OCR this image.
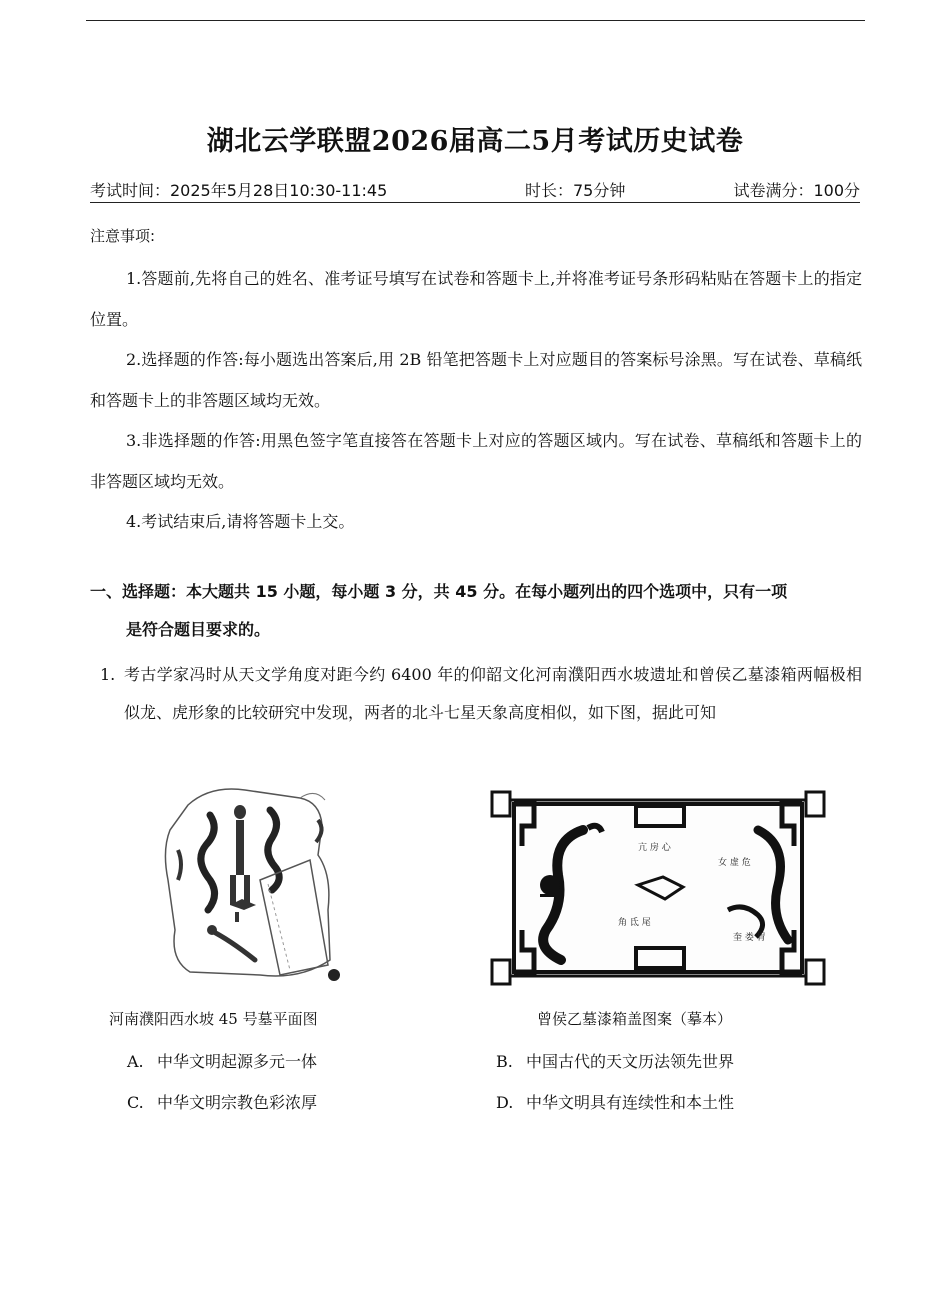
湖北云学联盟2026届高二5月考试历史试卷
考试时间：2025年5月28日10:30-11:45	时长：75分钟	试卷满分：100分
注意事项:
1.答题前,先将自己的姓名、准考证号填写在试卷和答题卡上,并将准考证号条形码粘贴在答题卡上的指定位置。
2.选择题的作答:每小题选出答案后,用 2B 铅笔把答题卡上对应题目的答案标号涂黑。写在试卷、草稿纸和答题卡上的非答题区域均无效。
3.非选择题的作答:用黑色签字笔直接答在答题卡上对应的答题区域内。写在试卷、草稿纸和答题卡上的非答题区域均无效。
4.考试结束后,请将答题卡上交。
一、选择题：本大题共 15 小题，每小题 3 分，共 45 分。在每小题列出的四个选项中，只有一项
是符合题目要求的。
1. 考古学家冯时从天文学角度对距今约 6400 年的仰韶文化河南濮阳西水坡遗址和曾侯乙墓漆箱两幅极相似龙、虎形象的比较研究中发现，两者的北斗七星天象高度相似，如下图，据此可知
河南濮阳西水坡 45 号墓平面图
亢 房 心
角 氐 尾
女 虚 危
奎 娄 胃
曾侯乙墓漆箱盖图案（摹本）
A. 中华文明起源多元一体	B. 中国古代的天文历法领先世界
C. 中华文明宗教色彩浓厚	D. 中华文明具有连续性和本土性
